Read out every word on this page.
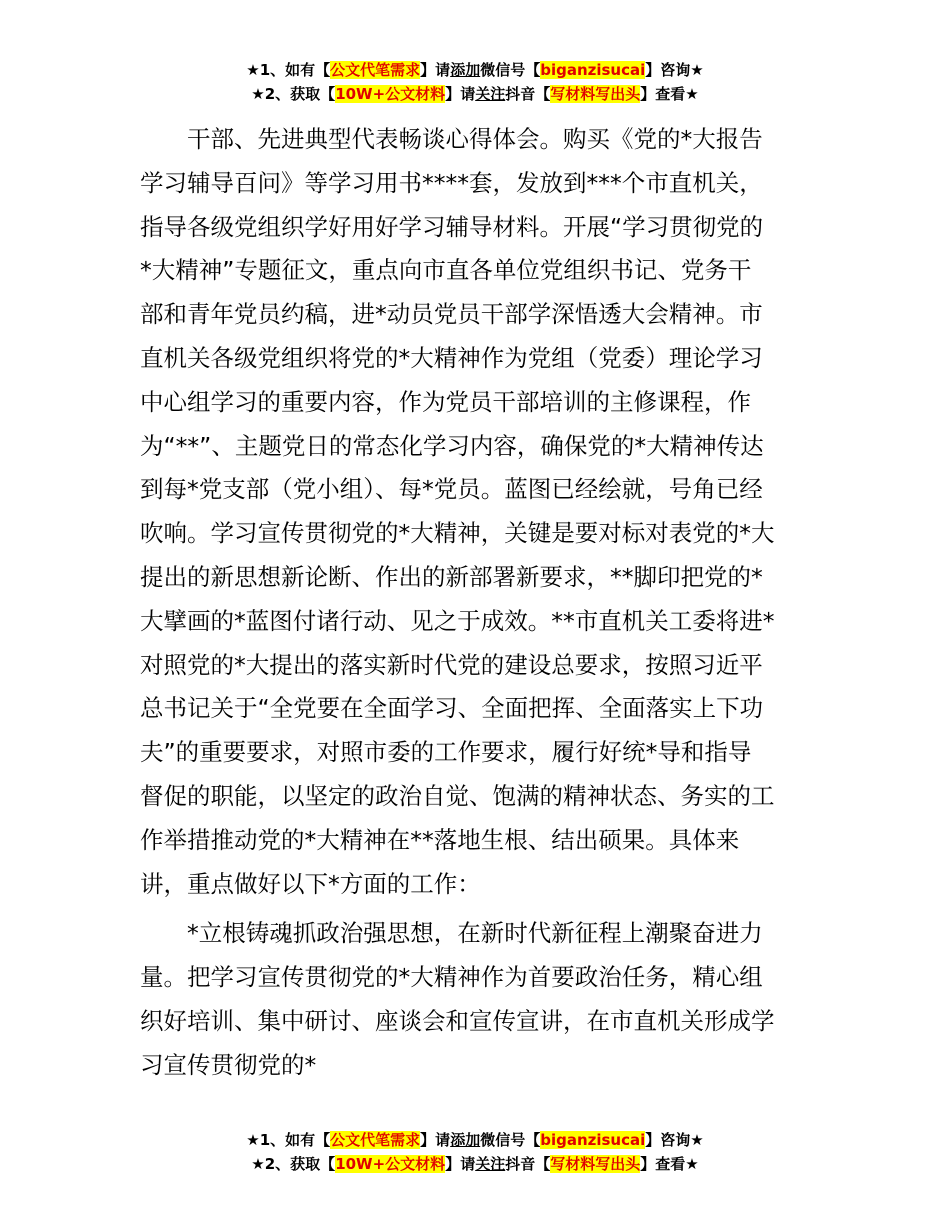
★1、如有【公文代笔需求】请添加微信号【biganzisucai】咨询★
★2、获取【10W+公文材料】请关注抖音【写材料写出头】查看★

　　干部、先进典型代表畅谈心得体会。购买《党的*大报告
学习辅导百问》等学习用书****套，发放到***个市直机关，
指导各级党组织学好用好学习辅导材料。开展“学习贯彻党的
*大精神”专题征文，重点向市直各单位党组织书记、党务干
部和青年党员约稿，进*动员党员干部学深悟透大会精神。市
直机关各级党组织将党的*大精神作为党组（党委）理论学习
中心组学习的重要内容，作为党员干部培训的主修课程，作
为“**”、主题党日的常态化学习内容，确保党的*大精神传达
到每*党支部（党小组）、每*党员。蓝图已经绘就，号角已经
吹响。学习宣传贯彻党的*大精神，关键是要对标对表党的*大
提出的新思想新论断、作出的新部署新要求，**脚印把党的*
大擘画的*蓝图付诸行动、见之于成效。**市直机关工委将进*
对照党的*大提出的落实新时代党的建设总要求，按照习近平
总书记关于“全党要在全面学习、全面把挥、全面落实上下功
夫”的重要要求，对照市委的工作要求，履行好统*导和指导
督促的职能，以坚定的政治自觉、饱满的精神状态、务实的工
作举措推动党的*大精神在**落地生根、结出硕果。具体来
讲，重点做好以下*方面的工作：

　　*立根铸魂抓政治强思想，在新时代新征程上潮聚奋进力
量。把学习宣传贯彻党的*大精神作为首要政治任务，精心组
织好培训、集中研讨、座谈会和宣传宣讲，在市直机关形成学
习宣传贯彻党的*

★1、如有【公文代笔需求】请添加微信号【biganzisucai】咨询★
★2、获取【10W+公文材料】请关注抖音【写材料写出头】查看★
